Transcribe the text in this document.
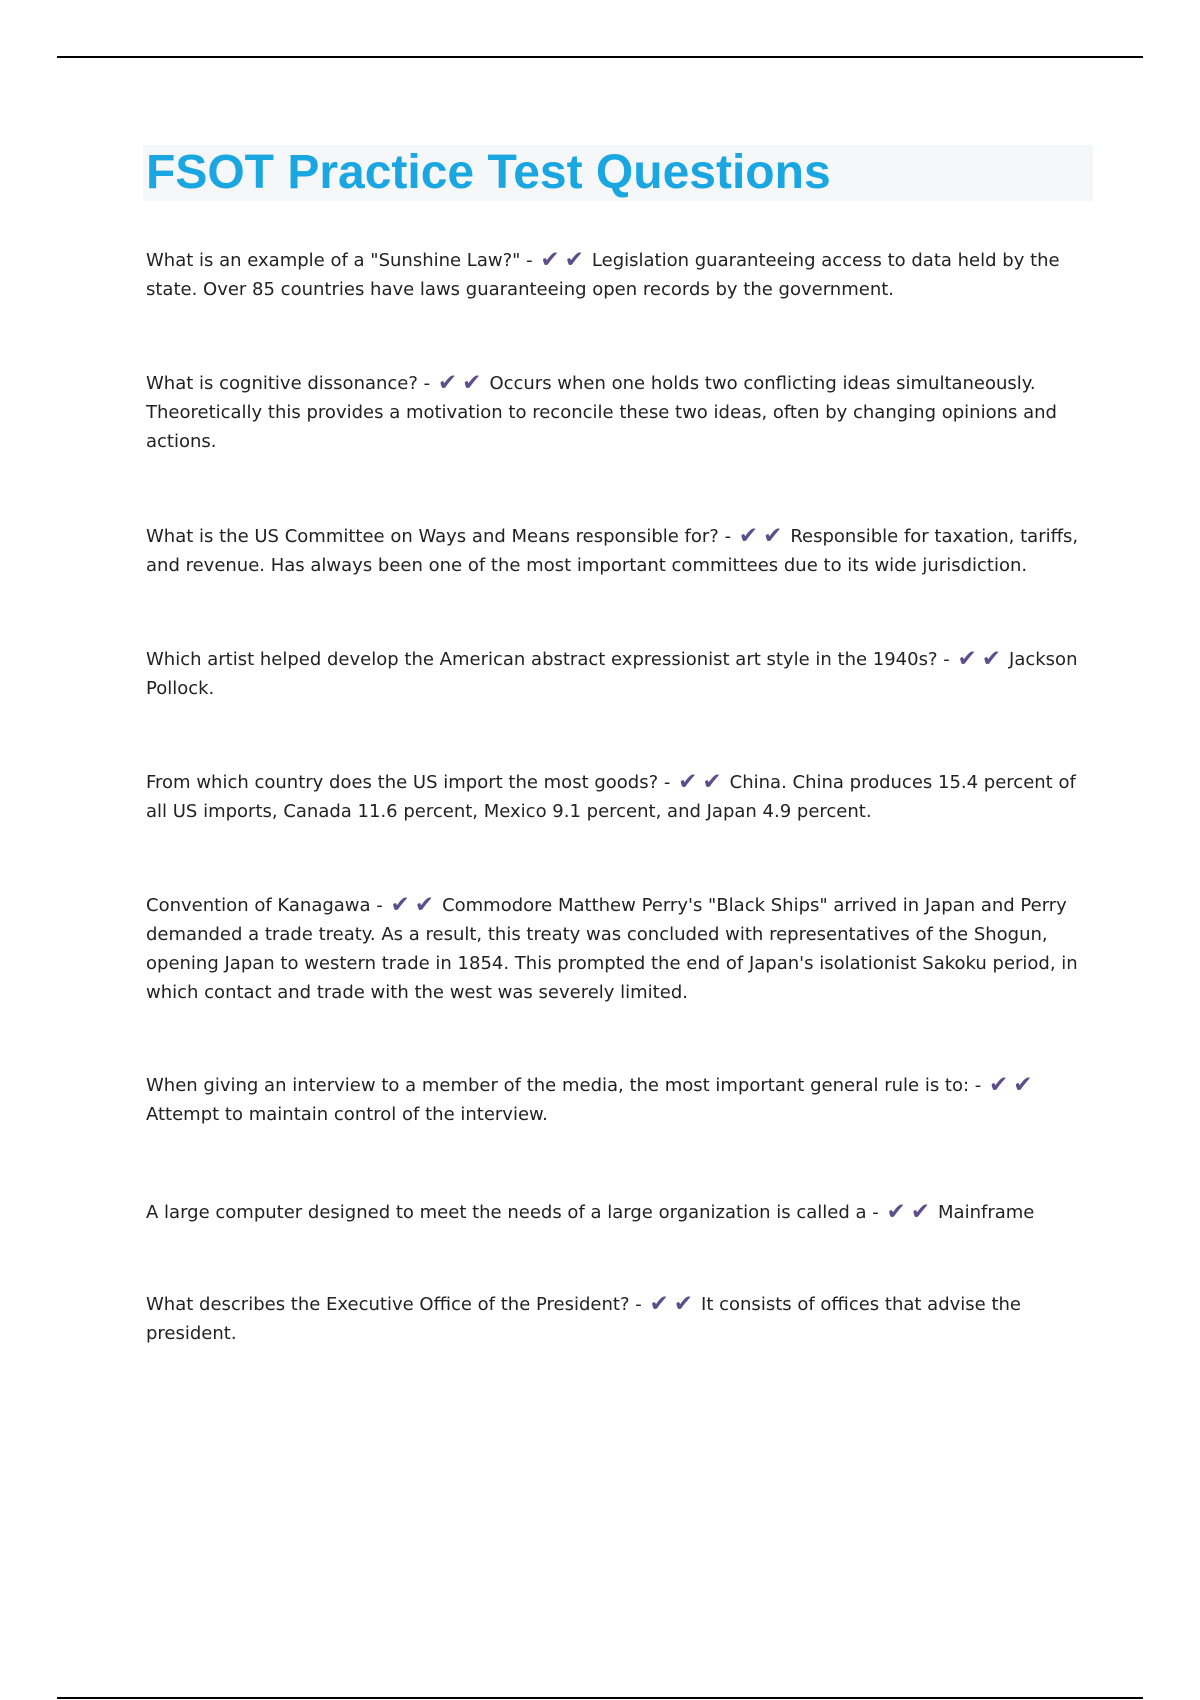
FSOT Practice Test Questions

What is an example of a "Sunshine Law?" - ✔✔ Legislation guaranteeing access to data held by the state. Over 85 countries have laws guaranteeing open records by the government.

What is cognitive dissonance? - ✔✔ Occurs when one holds two conflicting ideas simultaneously. Theoretically this provides a motivation to reconcile these two ideas, often by changing opinions and actions.

What is the US Committee on Ways and Means responsible for? - ✔✔ Responsible for taxation, tariffs, and revenue. Has always been one of the most important committees due to its wide jurisdiction.

Which artist helped develop the American abstract expressionist art style in the 1940s? - ✔✔ Jackson Pollock.

From which country does the US import the most goods? - ✔✔ China. China produces 15.4 percent of all US imports, Canada 11.6 percent, Mexico 9.1 percent, and Japan 4.9 percent.

Convention of Kanagawa - ✔✔ Commodore Matthew Perry's "Black Ships" arrived in Japan and Perry demanded a trade treaty. As a result, this treaty was concluded with representatives of the Shogun, opening Japan to western trade in 1854. This prompted the end of Japan's isolationist Sakoku period, in which contact and trade with the west was severely limited.

When giving an interview to a member of the media, the most important general rule is to: - ✔✔Attempt to maintain control of the interview.

A large computer designed to meet the needs of a large organization is called a - ✔✔ Mainframe

What describes the Executive Office of the President? - ✔✔ It consists of offices that advise the president.
